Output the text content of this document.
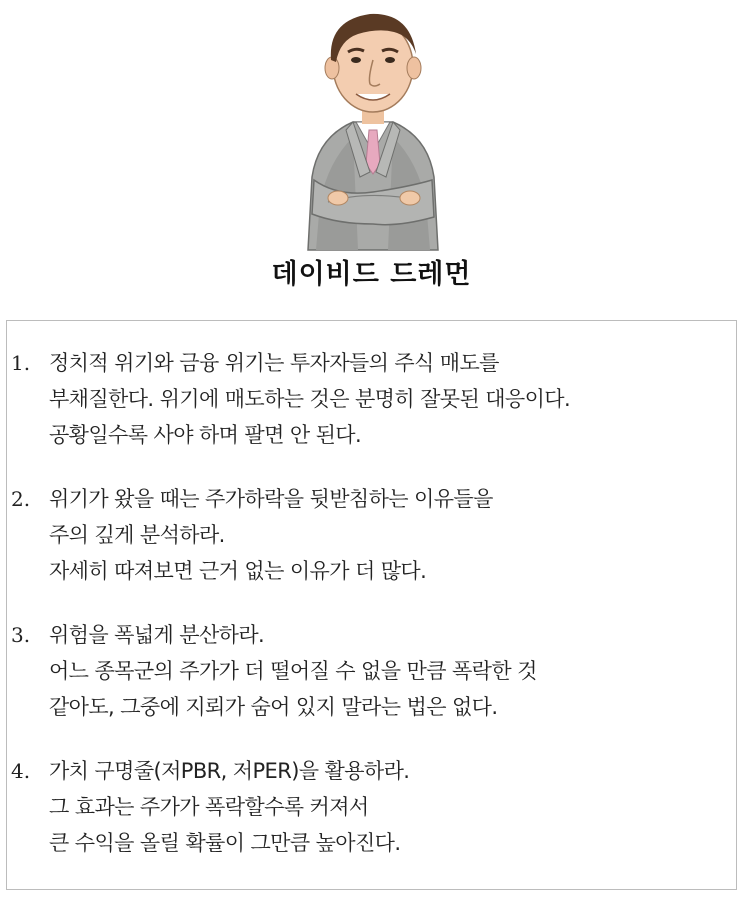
데이비드 드레먼
1. 정치적 위기와 금융 위기는 투자자들의 주식 매도를
부채질한다. 위기에 매도하는 것은 분명히 잘못된 대응이다.
공황일수록 사야 하며 팔면 안 된다.
2. 위기가 왔을 때는 주가하락을 뒷받침하는 이유들을
주의 깊게 분석하라.
자세히 따져보면 근거 없는 이유가 더 많다.
3. 위험을 폭넓게 분산하라.
어느 종목군의 주가가 더 떨어질 수 없을 만큼 폭락한 것
같아도, 그중에 지뢰가 숨어 있지 말라는 법은 없다.
4. 가치 구명줄(저PBR, 저PER)을 활용하라.
그 효과는 주가가 폭락할수록 커져서
큰 수익을 올릴 확률이 그만큼 높아진다.
